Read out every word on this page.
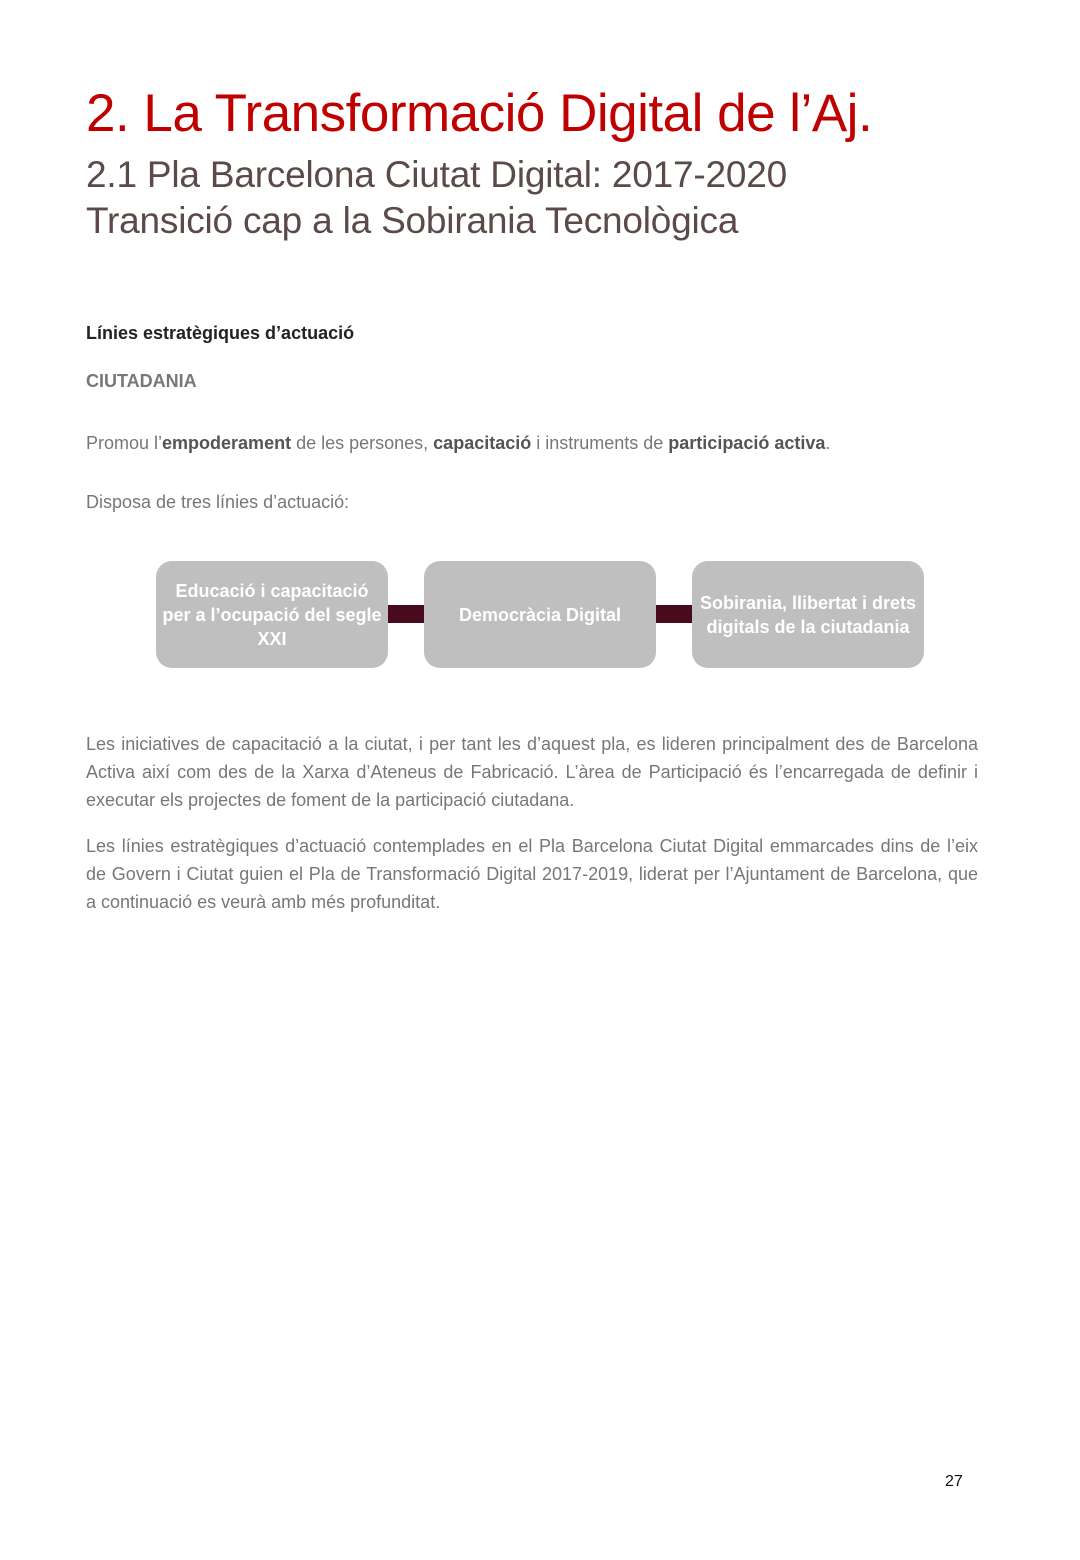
2. La Transformació Digital de l’Aj.
2.1 Pla Barcelona Ciutat Digital: 2017-2020
Transició cap a la Sobirania Tecnològica
Línies estratègiques d’actuació
CIUTADANIA
Promou l’empoderament de les persones, capacitació i instruments de participació activa.
Disposa de tres línies d’actuació:
Educació i capacitació per a l’ocupació del segle XXI
Democràcia Digital
Sobirania, llibertat i drets digitals de la ciutadania

Les iniciatives de capacitació a la ciutat, i per tant les d’aquest pla, es lideren principalment des de Barcelona Activa així com des de la Xarxa d’Ateneus de Fabricació. L’àrea de Participació és l’encarregada de definir i executar els projectes de foment de la participació ciutadana.

Les línies estratègiques d’actuació contemplades en el Pla Barcelona Ciutat Digital emmarcades dins de l’eix de Govern i Ciutat guien el Pla de Transformació Digital 2017-2019, liderat per l’Ajuntament de Barcelona, que a continuació es veurà amb més profunditat.

27
